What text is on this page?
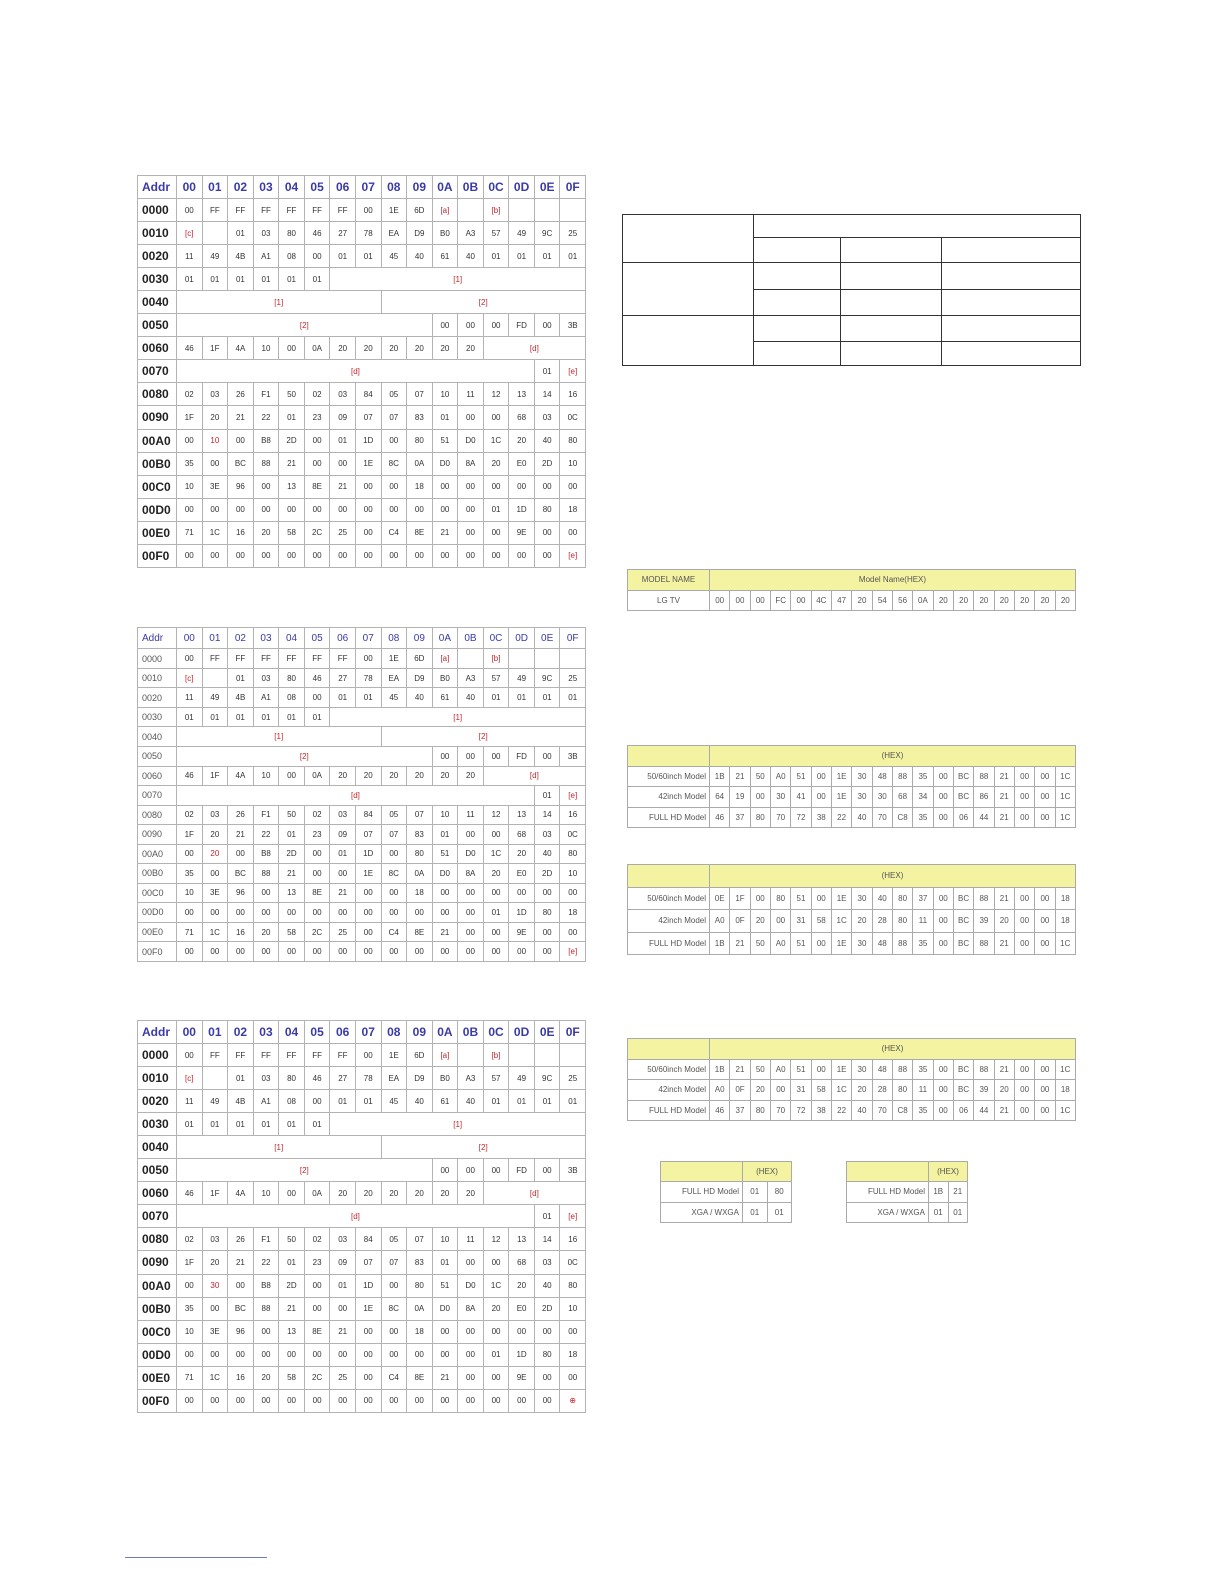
Addr	00	01	02	03	04	05	06	07	08	09	0A	0B	0C	0D	0E	0F
0000	00	FF	FF	FF	FF	FF	FF	00	1E	6D	[a]		[b]			
0010	[c]		01	03	80	46	27	78	EA	D9	B0	A3	57	49	9C	25
0020	11	49	4B	A1	08	00	01	01	45	40	61	40	01	01	01	01
0030	01	01	01	01	01	01	[1]									
0040	[1]								[2]							
0050	[2]										00	00	00	FD	00	3B
0060	46	1F	4A	10	00	0A	20	20	20	20	20	20	[d]			
0070	[d]														01	[e]
0080	02	03	26	F1	50	02	03	84	05	07	10	11	12	13	14	16
0090	1F	20	21	22	01	23	09	07	07	83	01	00	00	68	03	0C
00A0	00	10	00	B8	2D	00	01	1D	00	80	51	D0	1C	20	40	80
00B0	35	00	BC	88	21	00	00	1E	8C	0A	D0	8A	20	E0	2D	10
00C0	10	3E	96	00	13	8E	21	00	00	18	00	00	00	00	00	00
00D0	00	00	00	00	00	00	00	00	00	00	00	00	01	1D	80	18
00E0	71	1C	16	20	58	2C	25	00	C4	8E	21	00	00	9E	00	00
00F0	00	00	00	00	00	00	00	00	00	00	00	00	00	00	00	[e]
Addr	00	01	02	03	04	05	06	07	08	09	0A	0B	0C	0D	0E	0F
0000	00	FF	FF	FF	FF	FF	FF	00	1E	6D	[a]		[b]			
0010	[c]		01	03	80	46	27	78	EA	D9	B0	A3	57	49	9C	25
0020	11	49	4B	A1	08	00	01	01	45	40	61	40	01	01	01	01
0030	01	01	01	01	01	01	[1]									
0040	[1]								[2]							
0050	[2]										00	00	00	FD	00	3B
0060	46	1F	4A	10	00	0A	20	20	20	20	20	20	[d]			
0070	[d]														01	[e]
0080	02	03	26	F1	50	02	03	84	05	07	10	11	12	13	14	16
0090	1F	20	21	22	01	23	09	07	07	83	01	00	00	68	03	0C
00A0	00	20	00	B8	2D	00	01	1D	00	80	51	D0	1C	20	40	80
00B0	35	00	BC	88	21	00	00	1E	8C	0A	D0	8A	20	E0	2D	10
00C0	10	3E	96	00	13	8E	21	00	00	18	00	00	00	00	00	00
00D0	00	00	00	00	00	00	00	00	00	00	00	00	01	1D	80	18
00E0	71	1C	16	20	58	2C	25	00	C4	8E	21	00	00	9E	00	00
00F0	00	00	00	00	00	00	00	00	00	00	00	00	00	00	00	[e]
Addr	00	01	02	03	04	05	06	07	08	09	0A	0B	0C	0D	0E	0F
0000	00	FF	FF	FF	FF	FF	FF	00	1E	6D	[a]		[b]			
0010	[c]		01	03	80	46	27	78	EA	D9	B0	A3	57	49	9C	25
0020	11	49	4B	A1	08	00	01	01	45	40	61	40	01	01	01	01
0030	01	01	01	01	01	01	[1]									
0040	[1]								[2]							
0050	[2]										00	00	00	FD	00	3B
0060	46	1F	4A	10	00	0A	20	20	20	20	20	20	[d]			
0070	[d]														01	[e]
0080	02	03	26	F1	50	02	03	84	05	07	10	11	12	13	14	16
0090	1F	20	21	22	01	23	09	07	07	83	01	00	00	68	03	0C
00A0	00	30	00	B8	2D	00	01	1D	00	80	51	D0	1C	20	40	80
00B0	35	00	BC	88	21	00	00	1E	8C	0A	D0	8A	20	E0	2D	10
00C0	10	3E	96	00	13	8E	21	00	00	18	00	00	00	00	00	00
00D0	00	00	00	00	00	00	00	00	00	00	00	00	01	1D	80	18
00E0	71	1C	16	20	58	2C	25	00	C4	8E	21	00	00	9E	00	00
00F0	00	00	00	00	00	00	00	00	00	00	00	00	00	00	00	⊕

MODEL NAME	Model Name(HEX)																	
LG TV	00	00	00	FC	00	4C	47	20	54	56	0A	20	20	20	20	20	20	20
	(HEX)																	
50/60inch Model	1B	21	50	A0	51	00	1E	30	48	88	35	00	BC	88	21	00	00	1C
42inch Model	64	19	00	30	41	00	1E	30	30	68	34	00	BC	86	21	00	00	1C
FULL HD Model	46	37	80	70	72	38	22	40	70	C8	35	00	06	44	21	00	00	1C
	(HEX)																	
50/60inch Model	0E	1F	00	80	51	00	1E	30	40	80	37	00	BC	88	21	00	00	18
42inch Model	A0	0F	20	00	31	58	1C	20	28	80	11	00	BC	39	20	00	00	18
FULL HD Model	1B	21	50	A0	51	00	1E	30	48	88	35	00	BC	88	21	00	00	1C
	(HEX)																	
50/60inch Model	1B	21	50	A0	51	00	1E	30	48	88	35	00	BC	88	21	00	00	1C
42inch Model	A0	0F	20	00	31	58	1C	20	28	80	11	00	BC	39	20	00	00	18
FULL HD Model	46	37	80	70	72	38	22	40	70	C8	35	00	06	44	21	00	00	1C
	(HEX)	
FULL HD Model	01	80
XGA / WXGA	01	01
	(HEX)	
FULL HD Model	1B	21
XGA / WXGA	01	01
